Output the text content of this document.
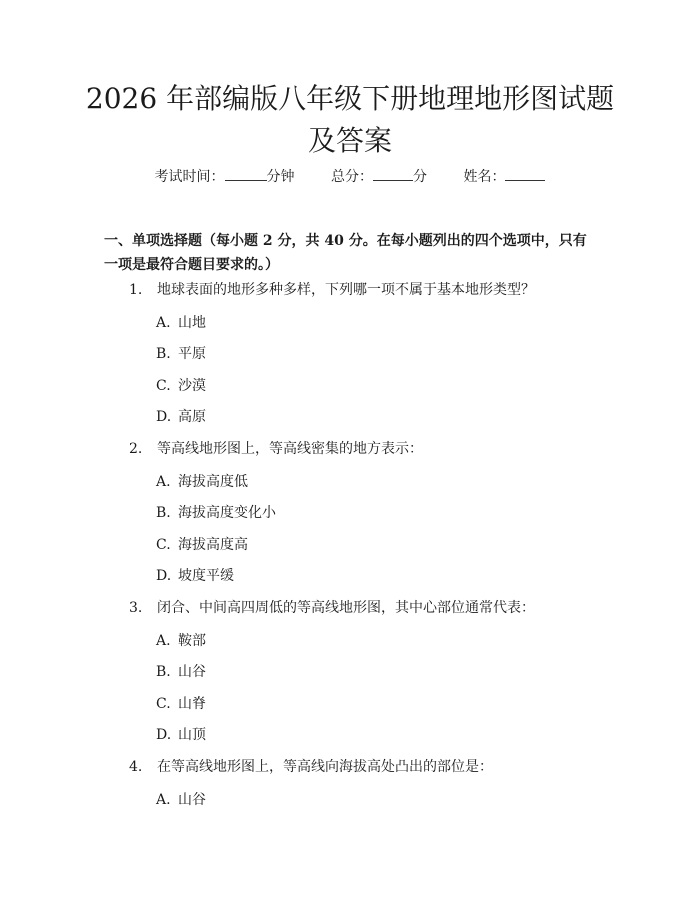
2026 年部编版八年级下册地理地形图试题及答案
考试时间：	分钟	总分：	分	姓名：
一、单项选择题（每小题 2 分，共 40 分。在每小题列出的四个选项中，只有一项是最符合题目要求的。）
1.	地球表面的地形多种多样，下列哪一项不属于基本地形类型？
A. 山地
B. 平原
C. 沙漠
D. 高原
2.	等高线地形图上，等高线密集的地方表示：
A. 海拔高度低
B. 海拔高度变化小
C. 海拔高度高
D. 坡度平缓
3.	闭合、中间高四周低的等高线地形图，其中心部位通常代表：
A. 鞍部
B. 山谷
C. 山脊
D. 山顶
4.	在等高线地形图上，等高线向海拔高处凸出的部位是：
A. 山谷
